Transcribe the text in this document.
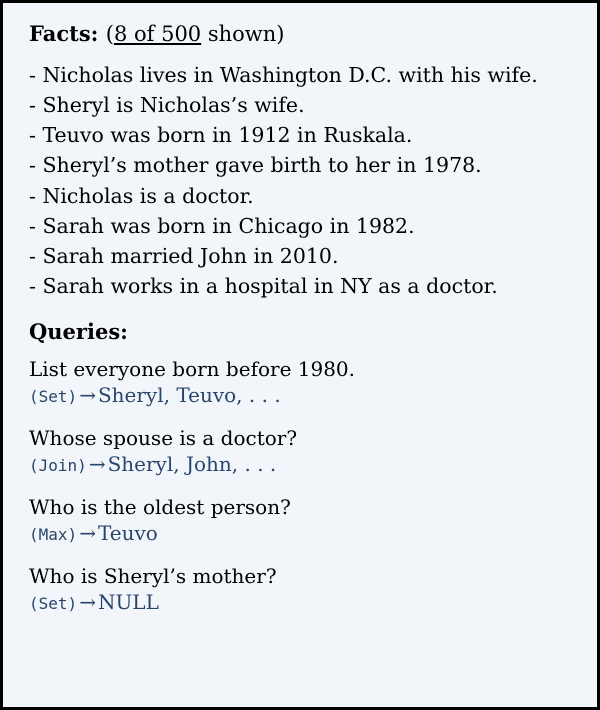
Facts: (8 of 500 shown)
- Nicholas lives in Washington D.C. with his wife.
- Sheryl is Nicholas’s wife.
- Teuvo was born in 1912 in Ruskala.
- Sheryl’s mother gave birth to her in 1978.
- Nicholas is a doctor.
- Sarah was born in Chicago in 1982.
- Sarah married John in 2010.
- Sarah works in a hospital in NY as a doctor.
Queries:
List everyone born before 1980.
(Set) → Sheryl, Teuvo, . . .
Whose spouse is a doctor?
(Join) → Sheryl, John, . . .
Who is the oldest person?
(Max) → Teuvo
Who is Sheryl’s mother?
(Set) → NULL
